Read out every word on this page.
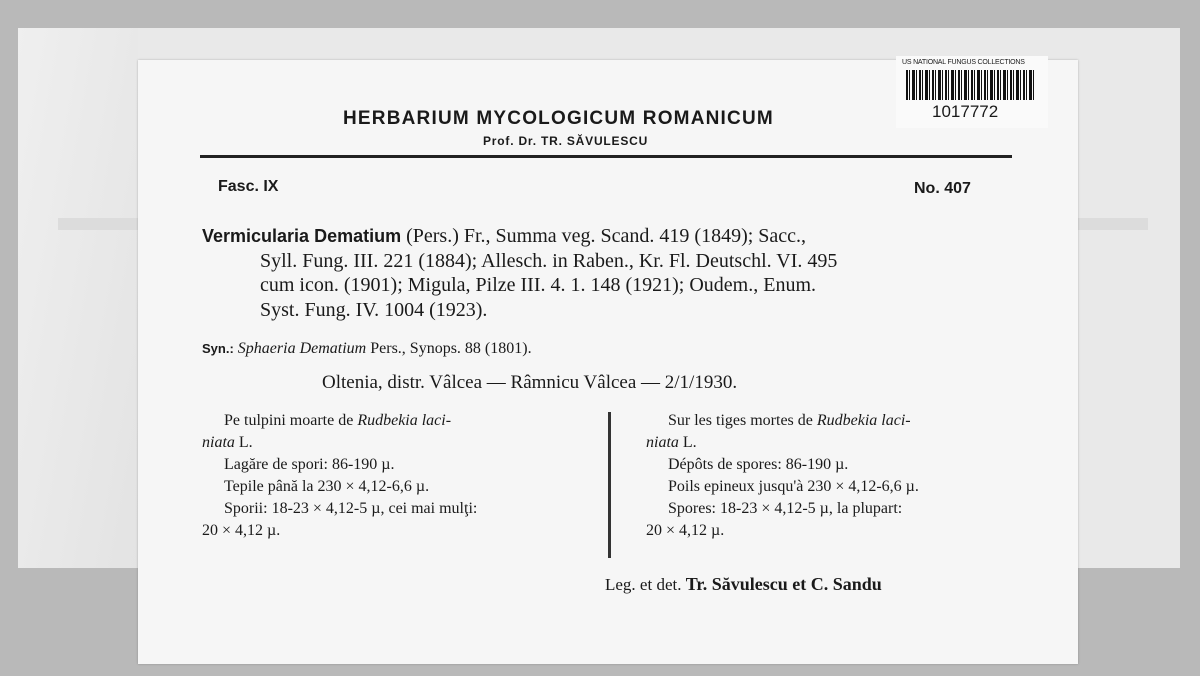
US NATIONAL FUNGUS COLLECTIONS
1017772
HERBARIUM MYCOLOGICUM ROMANICUM
Prof. Dr. TR. SĂVULESCU
Fasc. IX	No. 407
Vermicularia Dematium (Pers.) Fr., Summa veg. Scand. 419 (1849); Sacc.,
Syll. Fung. III. 221 (1884); Allesch. in Raben., Kr. Fl. Deutschl. VI. 495
cum icon. (1901); Migula, Pilze III. 4. 1. 148 (1921); Oudem., Enum.
Syst. Fung. IV. 1004 (1923).
Syn.: Sphaeria Dematium Pers., Synops. 88 (1801).
Oltenia, distr. Vâlcea — Râmnicu Vâlcea — 2/1/1930.

Pe tulpini moarte de Rudbekia laci-

niata L.

Lagăre de spori: 86-190 µ.

Tepile până la 230 × 4,12-6,6 µ.

Sporii: 18-23 × 4,12-5 µ, cei mai mulţi:

20 × 4,12 µ.

Sur les tiges mortes de Rudbekia laci-

niata L.

Dépôts de spores: 86-190 µ.

Poils epineux jusqu'à 230 × 4,12-6,6 µ.

Spores: 18-23 × 4,12-5 µ, la plupart:

20 × 4,12 µ.

Leg. et det. Tr. Săvulescu et C. Sandu
